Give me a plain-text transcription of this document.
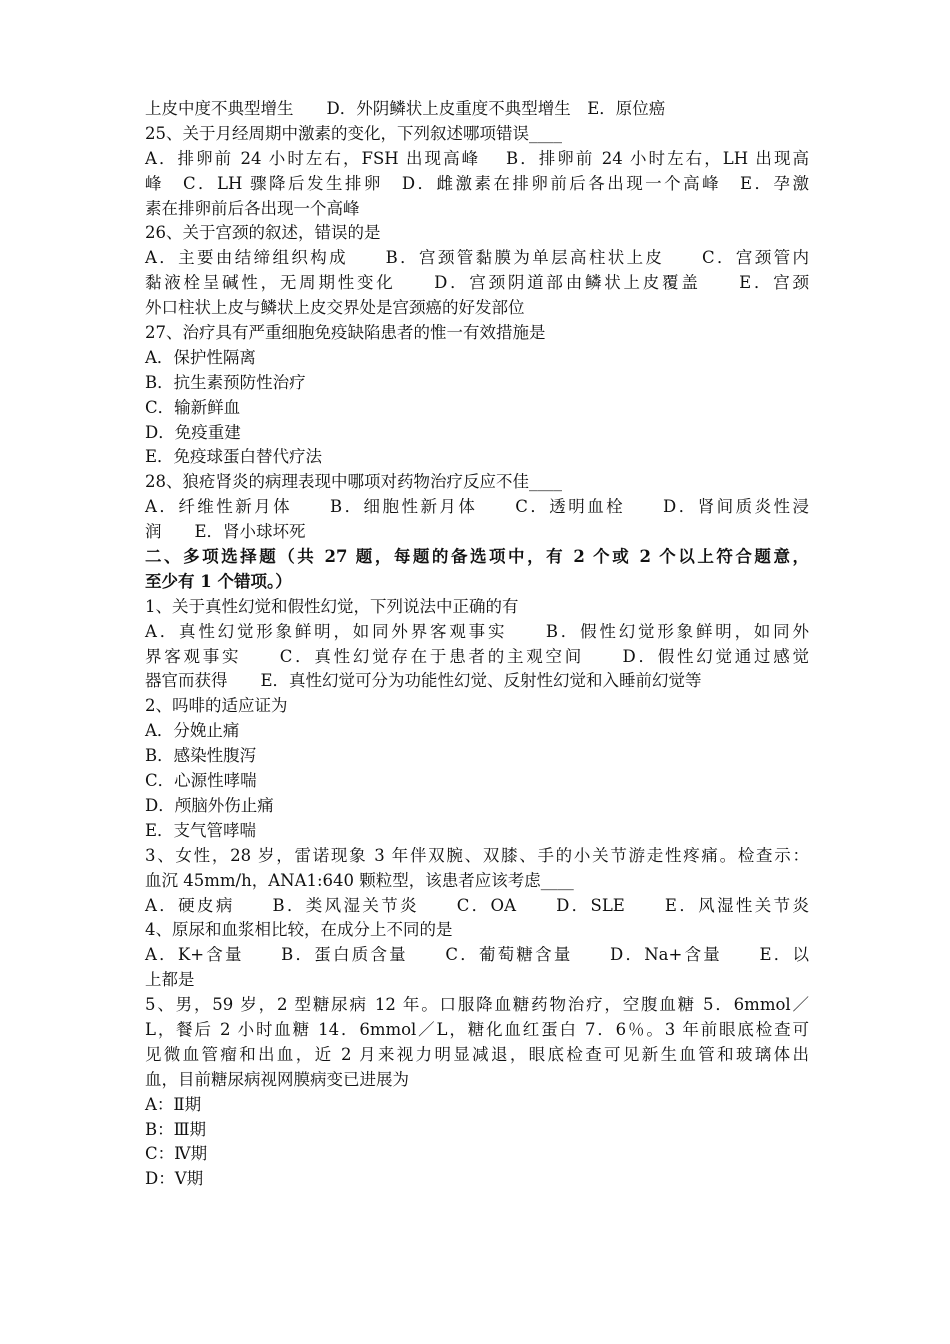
上皮中度不典型增生　　D．外阴鳞状上皮重度不典型增生　E．原位癌
25、关于月经周期中激素的变化，下列叙述哪项错误____
A．排卵前 24 小时左右，FSH 出现高峰　 B．排卵前 24 小时左右，LH 出现高
峰　C．LH 骤降后发生排卵　D．雌激素在排卵前后各出现一个高峰　E．孕激
素在排卵前后各出现一个高峰
26、关于宫颈的叙述，错误的是
A．主要由结缔组织构成　　B．宫颈管黏膜为单层高柱状上皮　　C．宫颈管内
黏液栓呈碱性，无周期性变化　　D．宫颈阴道部由鳞状上皮覆盖　　E．宫颈
外口柱状上皮与鳞状上皮交界处是宫颈癌的好发部位
27、治疗具有严重细胞免疫缺陷患者的惟一有效措施是
A．保护性隔离
B．抗生素预防性治疗
C．输新鲜血
D．免疫重建
E．免疫球蛋白替代疗法
28、狼疮肾炎的病理表现中哪项对药物治疗反应不佳____
A．纤维性新月体　　B．细胞性新月体　　C．透明血栓　　D．肾间质炎性浸
润　　E．肾小球坏死
二、多项选择题（共 27 题，每题的备选项中，有 2 个或 2 个以上符合题意，
至少有 1 个错项。）
1、关于真性幻觉和假性幻觉，下列说法中正确的有
A．真性幻觉形象鲜明，如同外界客观事实　　B．假性幻觉形象鲜明，如同外
界客观事实　　C．真性幻觉存在于患者的主观空间　　D．假性幻觉通过感觉
器官而获得　　E．真性幻觉可分为功能性幻觉、反射性幻觉和入睡前幻觉等
2、吗啡的适应证为
A．分娩止痛
B．感染性腹泻
C．心源性哮喘
D．颅脑外伤止痛
E．支气管哮喘
3、女性，28 岁，雷诺现象 3 年伴双腕、双膝、手的小关节游走性疼痛。检查示：
血沉 45mm/h，ANA1:640 颗粒型，该患者应该考虑____
A．硬皮病　　B．类风湿关节炎　　C．OA　　D．SLE　　E．风湿性关节炎
4、原尿和血浆相比较，在成分上不同的是
A．K+含量　　B．蛋白质含量　　C．葡萄糖含量　　D．Na+含量　　E．以
上都是
5、男，59 岁，2 型糖尿病 12 年。口服降血糖药物治疗，空腹血糖 5．6mmol／
L，餐后 2 小时血糖 14．6mmol／L，糖化血红蛋白 7．6％。3 年前眼底检查可
见微血管瘤和出血，近 2 月来视力明显减退，眼底检查可见新生血管和玻璃体出
血，目前糖尿病视网膜病变已进展为
A：Ⅱ期
B：Ⅲ期
C：Ⅳ期
D：Ⅴ期
